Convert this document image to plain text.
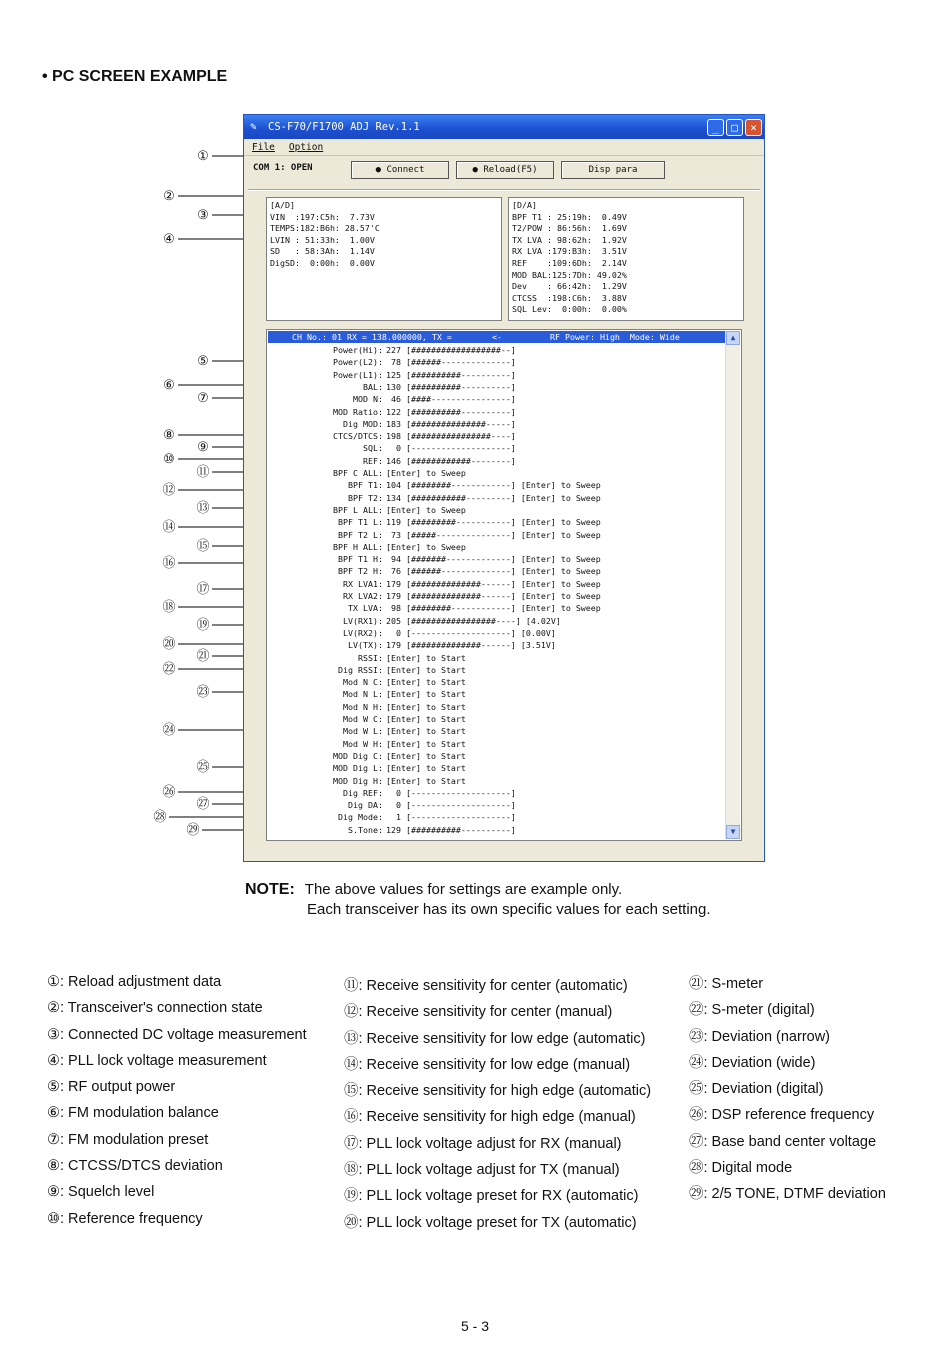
• PC SCREEN EXAMPLE
①
②
③
④
⑤
⑥
⑦
⑧
⑨
⑩
⑪
⑫
⑬
⑭
⑮
⑯
⑰
⑱
⑲
⑳
㉑
㉒
㉓
㉔
㉕
㉖
㉗
㉘
㉙
✎	CS-F70/F1700 ADJ Rev.1.1	_	□	✕
File Option
COM 1: OPEN	● Connect	● Reload(F5)	Disp para
[A/D]
VIN  :197:C5h:  7.73V
TEMPS:182:B6h: 28.57'C
LVIN : 51:33h:  1.00V
SD   : 58:3Ah:  1.14V
DigSD:  0:00h:  0.00V
[D/A]
BPF T1 : 25:19h:  0.49V
T2/POW : 86:56h:  1.69V
TX LVA : 98:62h:  1.92V
RX LVA :179:B3h:  3.51V
REF    :109:6Dh:  2.14V
MOD BAL:125:7Dh: 49.02%
Dev    : 66:42h:  1.29V
CTCSS  :198:C6h:  3.88V
SQL Lev:  0:00h:  0.00%

CH No.: 01 RX = 138.000000, TX =

	<-

	RF Power: High  Mode: Wide

Power(Hi): 227 [##################--]
Power(L2): 78 [######--------------]
Power(L1): 125 [##########----------]
BAL: 130 [##########----------]
MOD N: 46 [####----------------]
MOD Ratio: 122 [##########----------]
Dig MOD: 183 [###############-----]
CTCS/DTCS: 198 [################----]
SQL: 0 [--------------------]
REF: 146 [############--------]
BPF C ALL: [Enter] to Sweep
BPF T1: 104 [########------------] [Enter] to Sweep
BPF T2: 134 [###########---------] [Enter] to Sweep
BPF L ALL: [Enter] to Sweep
BPF T1 L: 119 [#########-----------] [Enter] to Sweep
BPF T2 L: 73 [#####---------------] [Enter] to Sweep
BPF H ALL: [Enter] to Sweep
BPF T1 H: 94 [#######-------------] [Enter] to Sweep
BPF T2 H: 76 [######--------------] [Enter] to Sweep
RX LVA1: 179 [##############------] [Enter] to Sweep
RX LVA2: 179 [##############------] [Enter] to Sweep
TX LVA: 98 [########------------] [Enter] to Sweep
LV(RX1): 205 [#################----] [4.02V]
LV(RX2): 0 [--------------------] [0.00V]
LV(TX): 179 [##############------] [3.51V]
RSSI: [Enter] to Start
Dig RSSI: [Enter] to Start
Mod N C: [Enter] to Start
Mod N L: [Enter] to Start
Mod N H: [Enter] to Start
Mod W C: [Enter] to Start
Mod W L: [Enter] to Start
Mod W H: [Enter] to Start
MOD Dig C: [Enter] to Start
MOD Dig L: [Enter] to Start
MOD Dig H: [Enter] to Start
Dig REF: 0 [--------------------]
Dig DA: 0 [--------------------]
Dig Mode: 1 [--------------------]
S.Tone: 129 [##########----------]
▲
▼
NOTE: The above values for settings are example only.
Each transceiver has its own specific values for each setting.
①: Reload adjustment data
②: Transceiver's connection state
③: Connected DC voltage measurement
④: PLL lock voltage measurement
⑤: RF output power
⑥: FM modulation balance
⑦: FM modulation preset
⑧: CTCSS/DTCS deviation
⑨: Squelch level
⑩: Reference frequency
⑪: Receive sensitivity for center (automatic)
⑫: Receive sensitivity for center (manual)
⑬: Receive sensitivity for low edge (automatic)
⑭: Receive sensitivity for low edge (manual)
⑮: Receive sensitivity for high edge (automatic)
⑯: Receive sensitivity for high edge (manual)
⑰: PLL lock voltage adjust for RX (manual)
⑱: PLL lock voltage adjust for TX (manual)
⑲: PLL lock voltage preset for RX (automatic)
⑳: PLL lock voltage preset for TX (automatic)
㉑: S-meter
㉒: S-meter (digital)
㉓: Deviation (narrow)
㉔: Deviation (wide)
㉕: Deviation (digital)
㉖: DSP reference frequency
㉗: Base band center voltage
㉘: Digital mode
㉙: 2/5 TONE, DTMF deviation
5 - 3
